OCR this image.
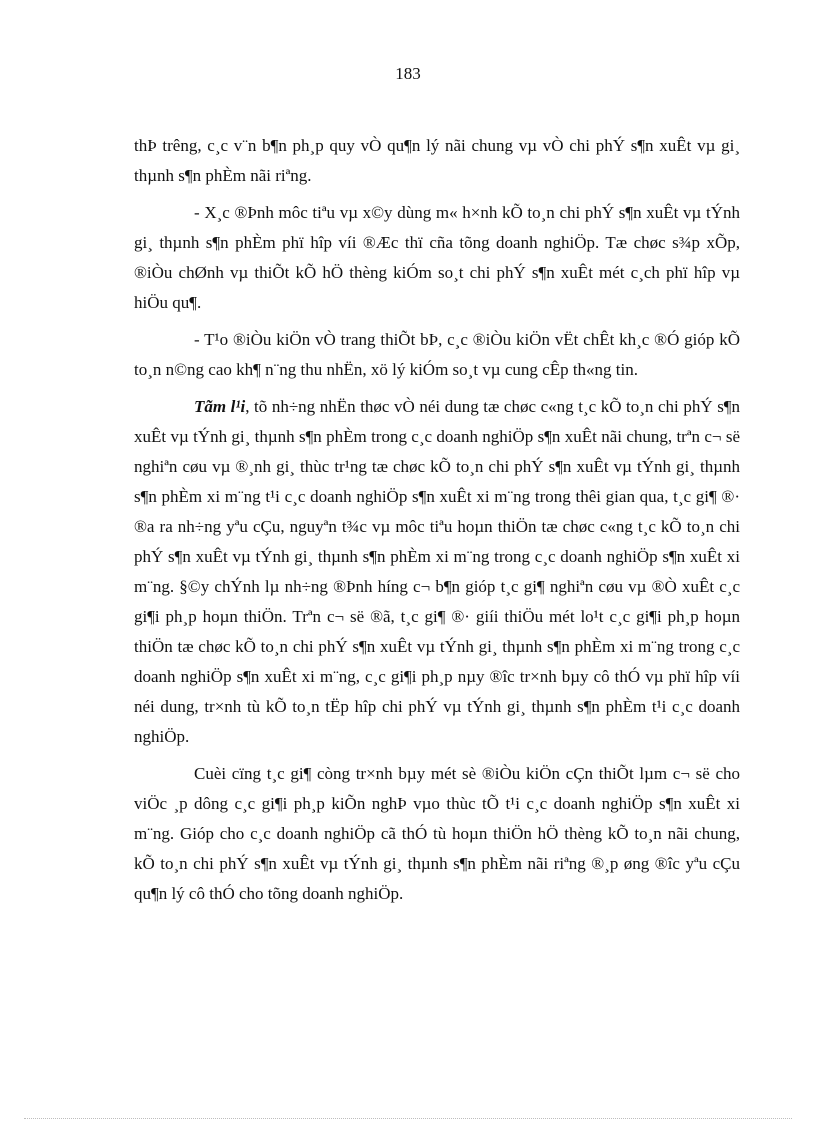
183

thÞ trêng, c¸c v¨n b¶n ph¸p quy vÒ qu¶n lý nãi chung vµ vÒ chi phÝ s¶n xuÊt vµ gi¸ thµnh s¶n phÈm nãi riªng.

- X¸c ®Þnh môc tiªu vµ x©y dùng m« h×nh kÕ to¸n chi phÝ s¶n xuÊt vµ tÝnh gi¸ thµnh s¶n phÈm phï hîp víi ®Æc thï cña tõng doanh nghiÖp. Tæ chøc s¾p xÕp, ®iÒu chØnh vµ thiÕt kÕ hÖ thèng kiÓm so¸t chi phÝ s¶n xuÊt mét c¸ch phï hîp vµ hiÖu qu¶.

- T¹o ®iÒu kiÖn vÒ trang thiÕt bÞ, c¸c ®iÒu kiÖn vËt chÊt kh¸c ®Ó gióp kÕ to¸n n©ng cao kh¶ n¨ng thu nhËn, xö lý kiÓm so¸t vµ cung cÊp th«ng tin.

Tãm l¹i, tõ nh÷ng nhËn thøc vÒ néi dung tæ chøc c«ng t¸c kÕ to¸n chi phÝ s¶n xuÊt vµ tÝnh gi¸ thµnh s¶n phÈm trong c¸c doanh nghiÖp s¶n xuÊt nãi chung, trªn c¬ së nghiªn cøu vµ ®¸nh gi¸ thùc tr¹ng tæ chøc kÕ to¸n chi phÝ s¶n xuÊt vµ tÝnh gi¸ thµnh s¶n phÈm xi m¨ng t¹i c¸c doanh nghiÖp s¶n xuÊt xi m¨ng trong thêi gian qua, t¸c gi¶ ®· ®a ra nh÷ng yªu cÇu, nguyªn t¾c vµ môc tiªu hoµn thiÖn tæ chøc c«ng t¸c kÕ to¸n chi phÝ s¶n xuÊt vµ tÝnh gi¸ thµnh s¶n phÈm xi m¨ng trong c¸c doanh nghiÖp s¶n xuÊt xi m¨ng. §©y chÝnh lµ nh÷ng ®Þnh híng c¬ b¶n gióp t¸c gi¶ nghiªn cøu vµ ®Ò xuÊt c¸c gi¶i ph¸p hoµn thiÖn. Trªn c¬ së ®ã, t¸c gi¶ ®· giíi thiÖu mét lo¹t c¸c gi¶i ph¸p hoµn thiÖn tæ chøc kÕ to¸n chi phÝ s¶n xuÊt vµ tÝnh gi¸ thµnh s¶n phÈm xi m¨ng trong c¸c doanh nghiÖp s¶n xuÊt xi m¨ng, c¸c gi¶i ph¸p nµy ®îc tr×nh bµy cô thÓ vµ phï hîp víi néi dung, tr×nh tù kÕ to¸n tËp hîp chi phÝ vµ tÝnh gi¸ thµnh s¶n phÈm t¹i c¸c doanh nghiÖp.

Cuèi cïng t¸c gi¶ còng tr×nh bµy mét sè ®iÒu kiÖn cÇn thiÕt lµm c¬ së cho viÖc ¸p dông c¸c gi¶i ph¸p kiÕn nghÞ vµo thùc tÕ t¹i c¸c doanh nghiÖp s¶n xuÊt xi m¨ng. Gióp cho c¸c doanh nghiÖp cã thÓ tù hoµn thiÖn hÖ thèng kÕ to¸n nãi chung, kÕ to¸n chi phÝ s¶n xuÊt vµ tÝnh gi¸ thµnh s¶n phÈm nãi riªng ®¸p øng ®îc yªu cÇu qu¶n lý cô thÓ cho tõng doanh nghiÖp.
